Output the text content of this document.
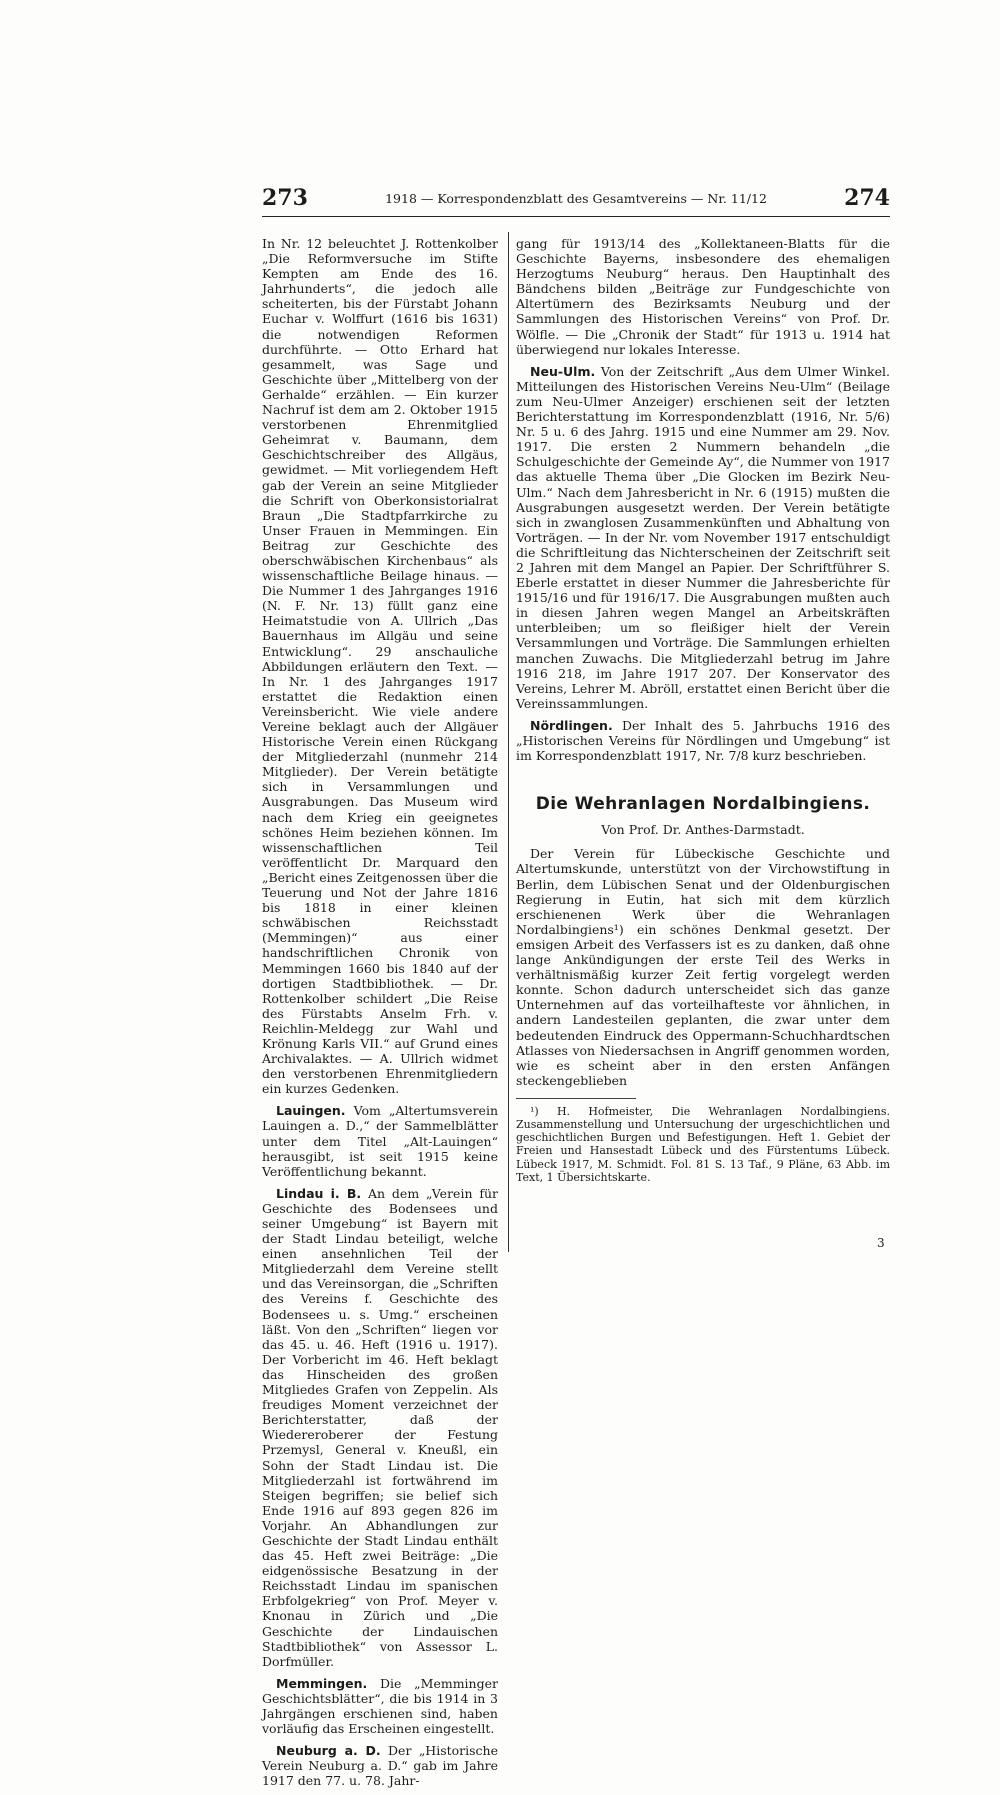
273	1918 — Korrespondenzblatt des Gesamtvereins — Nr. 11/12	274

In Nr. 12 beleuchtet J. Rottenkolber „Die Reformversuche im Stifte Kempten am Ende des 16. Jahrhunderts“, die jedoch alle scheiterten, bis der Fürstabt Johann Euchar v. Wolffurt (1616 bis 1631) die notwendigen Reformen durchführte. — Otto Erhard hat gesammelt, was Sage und Geschichte über „Mittelberg von der Gerhalde“ erzählen. — Ein kurzer Nachruf ist dem am 2. Oktober 1915 verstorbenen Ehrenmitglied Geheimrat v. Baumann, dem Geschichtschreiber des Allgäus, gewidmet. — Mit vorliegendem Heft gab der Verein an seine Mitglieder die Schrift von Oberkonsistorialrat Braun „Die Stadtpfarrkirche zu Unser Frauen in Memmingen. Ein Beitrag zur Geschichte des oberschwäbischen Kirchenbaus“ als wissenschaftliche Beilage hinaus. — Die Nummer 1 des Jahrganges 1916 (N. F. Nr. 13) füllt ganz eine Heimatstudie von A. Ullrich „Das Bauernhaus im Allgäu und seine Entwicklung“. 29 anschauliche Abbildungen erläutern den Text. — In Nr. 1 des Jahrganges 1917 erstattet die Redaktion einen Vereinsbericht. Wie viele andere Vereine beklagt auch der Allgäuer Historische Verein einen Rückgang der Mitgliederzahl (nunmehr 214 Mitglieder). Der Verein betätigte sich in Versammlungen und Ausgrabungen. Das Museum wird nach dem Krieg ein geeignetes schönes Heim beziehen können. Im wissenschaftlichen Teil veröffentlicht Dr. Marquard den „Bericht eines Zeitgenossen über die Teuerung und Not der Jahre 1816 bis 1818 in einer kleinen schwäbischen Reichsstadt (Memmingen)“ aus einer handschriftlichen Chronik von Memmingen 1660 bis 1840 auf der dortigen Stadtbibliothek. — Dr. Rottenkolber schildert „Die Reise des Fürstabts Anselm Frh. v. Reichlin-Meldegg zur Wahl und Krönung Karls VII.“ auf Grund eines Archivalaktes. — A. Ullrich widmet den verstorbenen Ehrenmitgliedern ein kurzes Gedenken.

Lauingen. Vom „Altertumsverein Lauingen a. D.,“ der Sammelblätter unter dem Titel „Alt-Lauingen“ herausgibt, ist seit 1915 keine Veröffentlichung bekannt.

Lindau i. B. An dem „Verein für Geschichte des Bodensees und seiner Umgebung“ ist Bayern mit der Stadt Lindau beteiligt, welche einen ansehnlichen Teil der Mitgliederzahl dem Vereine stellt und das Vereinsorgan, die „Schriften des Vereins f. Geschichte des Bodensees u. s. Umg.“ erscheinen läßt. Von den „Schriften“ liegen vor das 45. u. 46. Heft (1916 u. 1917). Der Vorbericht im 46. Heft beklagt das Hinscheiden des großen Mitgliedes Grafen von Zeppelin. Als freudiges Moment verzeichnet der Berichterstatter, daß der Wiedereroberer der Festung Przemysl, General v. Kneußl, ein Sohn der Stadt Lindau ist. Die Mitgliederzahl ist fortwährend im Steigen begriffen; sie belief sich Ende 1916 auf 893 gegen 826 im Vorjahr. An Abhandlungen zur Geschichte der Stadt Lindau enthält das 45. Heft zwei Beiträge: „Die eidgenössische Besatzung in der Reichsstadt Lindau im spanischen Erbfolgekrieg“ von Prof. Meyer v. Knonau in Zürich und „Die Geschichte der Lindauischen Stadtbibliothek“ von Assessor L. Dorfmüller.

Memmingen. Die „Memminger Geschichtsblätter“, die bis 1914 in 3 Jahrgängen erschienen sind, haben vorläufig das Erscheinen eingestellt.

Neuburg a. D. Der „Historische Verein Neuburg a. D.“ gab im Jahre 1917 den 77. u. 78. Jahr-

gang für 1913/14 des „Kollektaneen-Blatts für die Geschichte Bayerns, insbesondere des ehemaligen Herzogtums Neuburg“ heraus. Den Hauptinhalt des Bändchens bilden „Beiträge zur Fundgeschichte von Altertümern des Bezirksamts Neuburg und der Sammlungen des Historischen Vereins“ von Prof. Dr. Wölfle. — Die „Chronik der Stadt“ für 1913 u. 1914 hat überwiegend nur lokales Interesse.

Neu-Ulm. Von der Zeitschrift „Aus dem Ulmer Winkel. Mitteilungen des Historischen Vereins Neu-Ulm“ (Beilage zum Neu-Ulmer Anzeiger) erschienen seit der letzten Berichterstattung im Korrespondenzblatt (1916, Nr. 5/6) Nr. 5 u. 6 des Jahrg. 1915 und eine Nummer am 29. Nov. 1917. Die ersten 2 Nummern behandeln „die Schulgeschichte der Gemeinde Ay“, die Nummer von 1917 das aktuelle Thema über „Die Glocken im Bezirk Neu-Ulm.“ Nach dem Jahresbericht in Nr. 6 (1915) mußten die Ausgrabungen ausgesetzt werden. Der Verein betätigte sich in zwanglosen Zusammenkünften und Abhaltung von Vorträgen. — In der Nr. vom November 1917 entschuldigt die Schriftleitung das Nichterscheinen der Zeitschrift seit 2 Jahren mit dem Mangel an Papier. Der Schriftführer S. Eberle erstattet in dieser Nummer die Jahresberichte für 1915/16 und für 1916/17. Die Ausgrabungen mußten auch in diesen Jahren wegen Mangel an Arbeitskräften unterbleiben; um so fleißiger hielt der Verein Versammlungen und Vorträge. Die Sammlungen erhielten manchen Zuwachs. Die Mitgliederzahl betrug im Jahre 1916 218, im Jahre 1917 207. Der Konservator des Vereins, Lehrer M. Abröll, erstattet einen Bericht über die Vereinssammlungen.

Nördlingen. Der Inhalt des 5. Jahrbuchs 1916 des „Historischen Vereins für Nördlingen und Umgebung“ ist im Korrespondenzblatt 1917, Nr. 7/8 kurz beschrieben.

Die Wehranlagen Nordalbingiens.
Von Prof. Dr. Anthes-Darmstadt.

Der Verein für Lübeckische Geschichte und Altertumskunde, unterstützt von der Virchowstiftung in Berlin, dem Lübischen Senat und der Oldenburgischen Regierung in Eutin, hat sich mit dem kürzlich erschienenen Werk über die Wehranlagen Nordalbingiens¹) ein schönes Denkmal gesetzt. Der emsigen Arbeit des Verfassers ist es zu danken, daß ohne lange Ankündigungen der erste Teil des Werks in verhältnismäßig kurzer Zeit fertig vorgelegt werden konnte. Schon dadurch unterscheidet sich das ganze Unternehmen auf das vorteilhafteste vor ähnlichen, in andern Landesteilen geplanten, die zwar unter dem bedeutenden Eindruck des Oppermann-Schuchhardtschen Atlasses von Niedersachsen in Angriff genommen worden, wie es scheint aber in den ersten Anfängen steckengeblieben

¹) H. Hofmeister, Die Wehranlagen Nordalbingiens. Zusammenstellung und Untersuchung der urgeschichtlichen und geschichtlichen Burgen und Befestigungen. Heft 1. Gebiet der Freien und Hansestadt Lübeck und des Fürstentums Lübeck. Lübeck 1917, M. Schmidt. Fol. 81 S. 13 Taf., 9 Pläne, 63 Abb. im Text, 1 Übersichtskarte.
3
